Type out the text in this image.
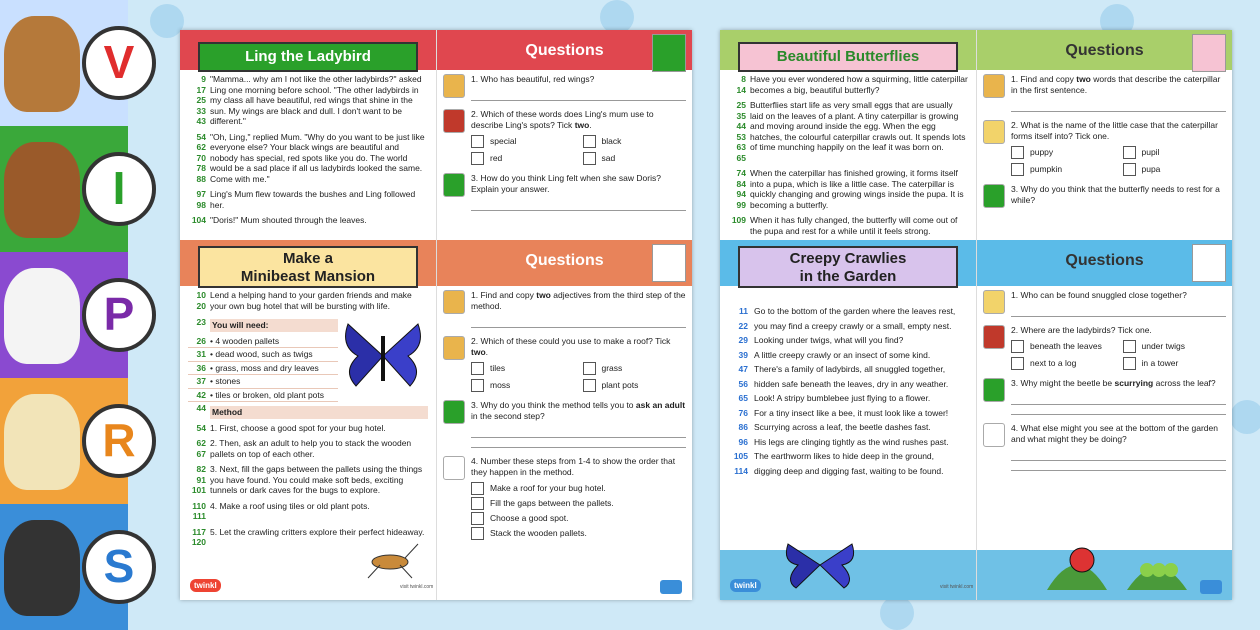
V
I
P
R
S
Ling the Ladybird
9
17
25
33
43
"Mamma... why am I not like the other ladybirds?" asked Ling one morning before school. "The other ladybirds in my class all have beautiful, red wings that shine in the sun. My wings are black and dull. I don't want to be different."
54
62
70
78
88
"Oh, Ling," replied Mum. "Why do you want to be just like everyone else? Your black wings are beautiful and nobody has special, red spots like you do. The world would be a sad place if all us ladybirds looked the same. Come with me."
97
98
Ling's Mum flew towards the bushes and Ling followed her.
104 "Doris!" Mum shouted through the leaves.
Make a
Minibeast Mansion
10
20
Lend a helping hand to your garden friends and make your own bug hotel that will be bursting with life.
23 You will need:
26 • 4 wooden pallets
31 • dead wood, such as twigs
36 • grass, moss and dry leaves
37 • stones
42 • tiles or broken, old plant pots
44 Method
54 1. First, choose a good spot for your bug hotel.
62
67
2. Then, ask an adult to help you to stack the wooden pallets on top of each other.
82
91
101
3. Next, fill the gaps between the pallets using the things you have found. You could make soft beds, exciting tunnels or dark caves for the bugs to explore.
110
111
4. Make a roof using tiles or old plant pots.
117
120
5. Let the crawling critters explore their perfect hideaway.
twinkl
Questions
1. Who has beautiful, red wings?
2. Which of these words does Ling's mum use to describe Ling's spots? Tick two.
special	black
red	sad
3. How do you think Ling felt when she saw Doris? Explain your answer.
Questions
1. Find and copy two adjectives from the third step of the method.
2. Which of these could you use to make a roof? Tick two.
tiles	grass
moss	plant pots
3. Why do you think the method tells you to ask an adult in the second step?
4. Number these steps from 1-4 to show the order that they happen in the method.
Make a roof for your bug hotel.
Fill the gaps between the pallets.
Choose a good spot.
Stack the wooden pallets.
visit twinkl.com
Beautiful Butterflies
8
14
Have you ever wondered how a squirming, little caterpillar becomes a big, beautiful butterfly?
25
35
44
53
63
65
Butterflies start life as very small eggs that are usually laid on the leaves of a plant. A tiny caterpillar is growing and moving around inside the egg. When the egg hatches, the colourful caterpillar crawls out. It spends lots of time munching happily on the leaf it was born on.
74
84
94
99
When the caterpillar has finished growing, it forms itself into a pupa, which is like a little case. The caterpillar is quickly changing and growing wings inside the pupa. It is becoming a butterfly.
109 When it has fully changed, the butterfly will come out of the pupa and rest for a while until it feels strong.
Creepy Crawlies
in the Garden
11 Go to the bottom of the garden where the leaves rest,
22 you may find a creepy crawly or a small, empty nest.
29 Looking under twigs, what will you find?
39 A little creepy crawly or an insect of some kind.
47 There's a family of ladybirds, all snuggled together,
56 hidden safe beneath the leaves, dry in any weather.
65 Look! A stripy bumblebee just flying to a flower.
76 For a tiny insect like a bee, it must look like a tower!
86 Scurrying across a leaf, the beetle dashes fast.
96 His legs are clinging tightly as the wind rushes past.
105 The earthworm likes to hide deep in the ground,
114 digging deep and digging fast, waiting to be found.
twinkl
Questions
1. Find and copy two words that describe the caterpillar in the first sentence.
2. What is the name of the little case that the caterpillar forms itself into? Tick one.
puppy	pupil
pumpkin	pupa
3. Why do you think that the butterfly needs to rest for a while?
Questions
1. Who can be found snuggled close together?
2. Where are the ladybirds? Tick one.
beneath the leaves	under twigs
next to a log	in a tower
3. Why might the beetle be scurrying across the leaf?
4. What else might you see at the bottom of the garden and what might they be doing?
visit twinkl.com
